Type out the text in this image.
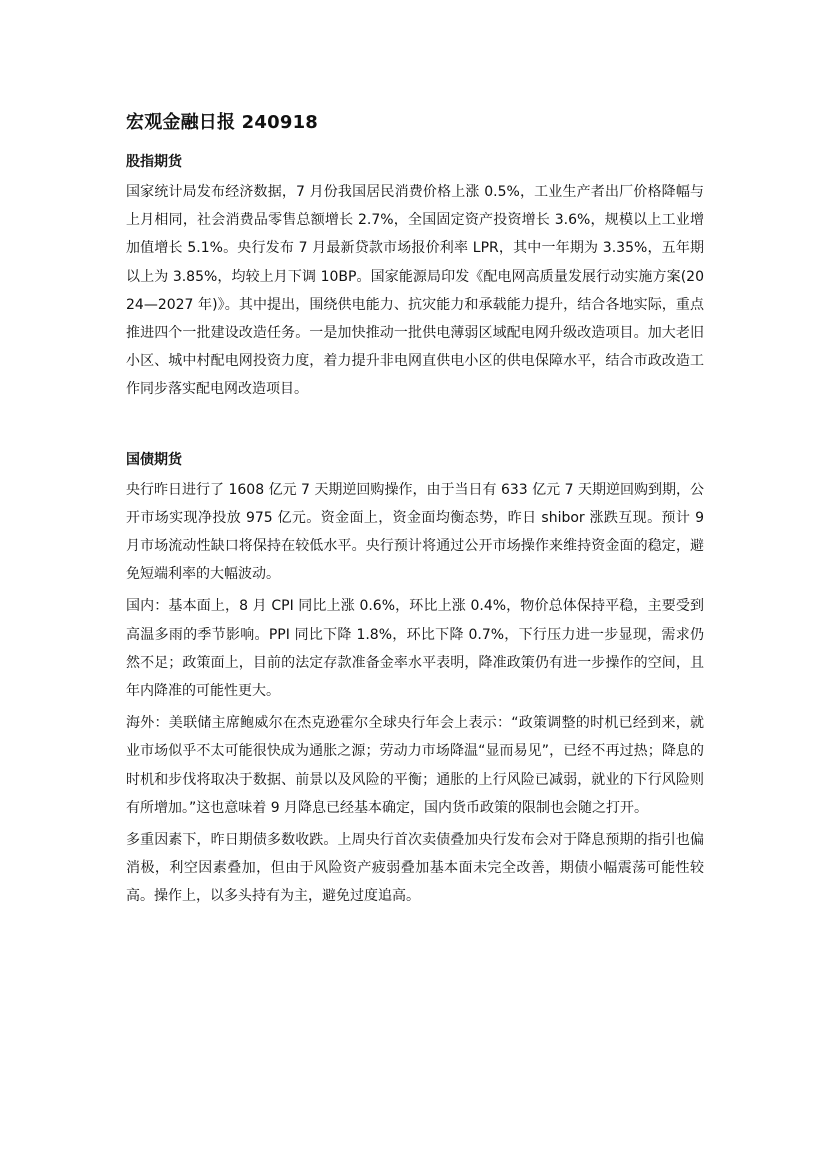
宏观金融日报 240918
股指期货

国家统计局发布经济数据，7 月份我国居民消费价格上涨 0.5%，工业生产者出厂价格降幅与上月相同，社会消费品零售总额增长 2.7%，全国固定资产投资增长 3.6%，规模以上工业增加值增长 5.1%。央行发布 7 月最新贷款市场报价利率 LPR，其中一年期为 3.35%，五年期以上为 3.85%，均较上月下调 10BP。国家能源局印发《配电网高质量发展行动实施方案(2024—2027 年)》。其中提出，围绕供电能力、抗灾能力和承载能力提升，结合各地实际，重点推进四个一批建设改造任务。一是加快推动一批供电薄弱区域配电网升级改造项目。加大老旧小区、城中村配电网投资力度，着力提升非电网直供电小区的供电保障水平，结合市政改造工作同步落实配电网改造项目。

国债期货

央行昨日进行了 1608 亿元 7 天期逆回购操作，由于当日有 633 亿元 7 天期逆回购到期，公开市场实现净投放 975 亿元。资金面上，资金面均衡态势，昨日 shibor 涨跌互现。预计 9 月市场流动性缺口将保持在较低水平。央行预计将通过公开市场操作来维持资金面的稳定，避免短端利率的大幅波动。

国内：基本面上，8 月 CPI 同比上涨 0.6%，环比上涨 0.4%，物价总体保持平稳，主要受到高温多雨的季节影响。PPI 同比下降 1.8%，环比下降 0.7%，下行压力进一步显现，需求仍然不足；政策面上，目前的法定存款准备金率水平表明，降准政策仍有进一步操作的空间，且年内降准的可能性更大。

海外：美联储主席鲍威尔在杰克逊霍尔全球央行年会上表示：“政策调整的时机已经到来，就业市场似乎不太可能很快成为通胀之源；劳动力市场降温“显而易见”，已经不再过热；降息的时机和步伐将取决于数据、前景以及风险的平衡；通胀的上行风险已减弱，就业的下行风险则有所增加。”这也意味着 9 月降息已经基本确定，国内货币政策的限制也会随之打开。

多重因素下，昨日期债多数收跌。上周央行首次卖债叠加央行发布会对于降息预期的指引也偏消极，利空因素叠加，但由于风险资产疲弱叠加基本面未完全改善，期债小幅震荡可能性较高。操作上，以多头持有为主，避免过度追高。
